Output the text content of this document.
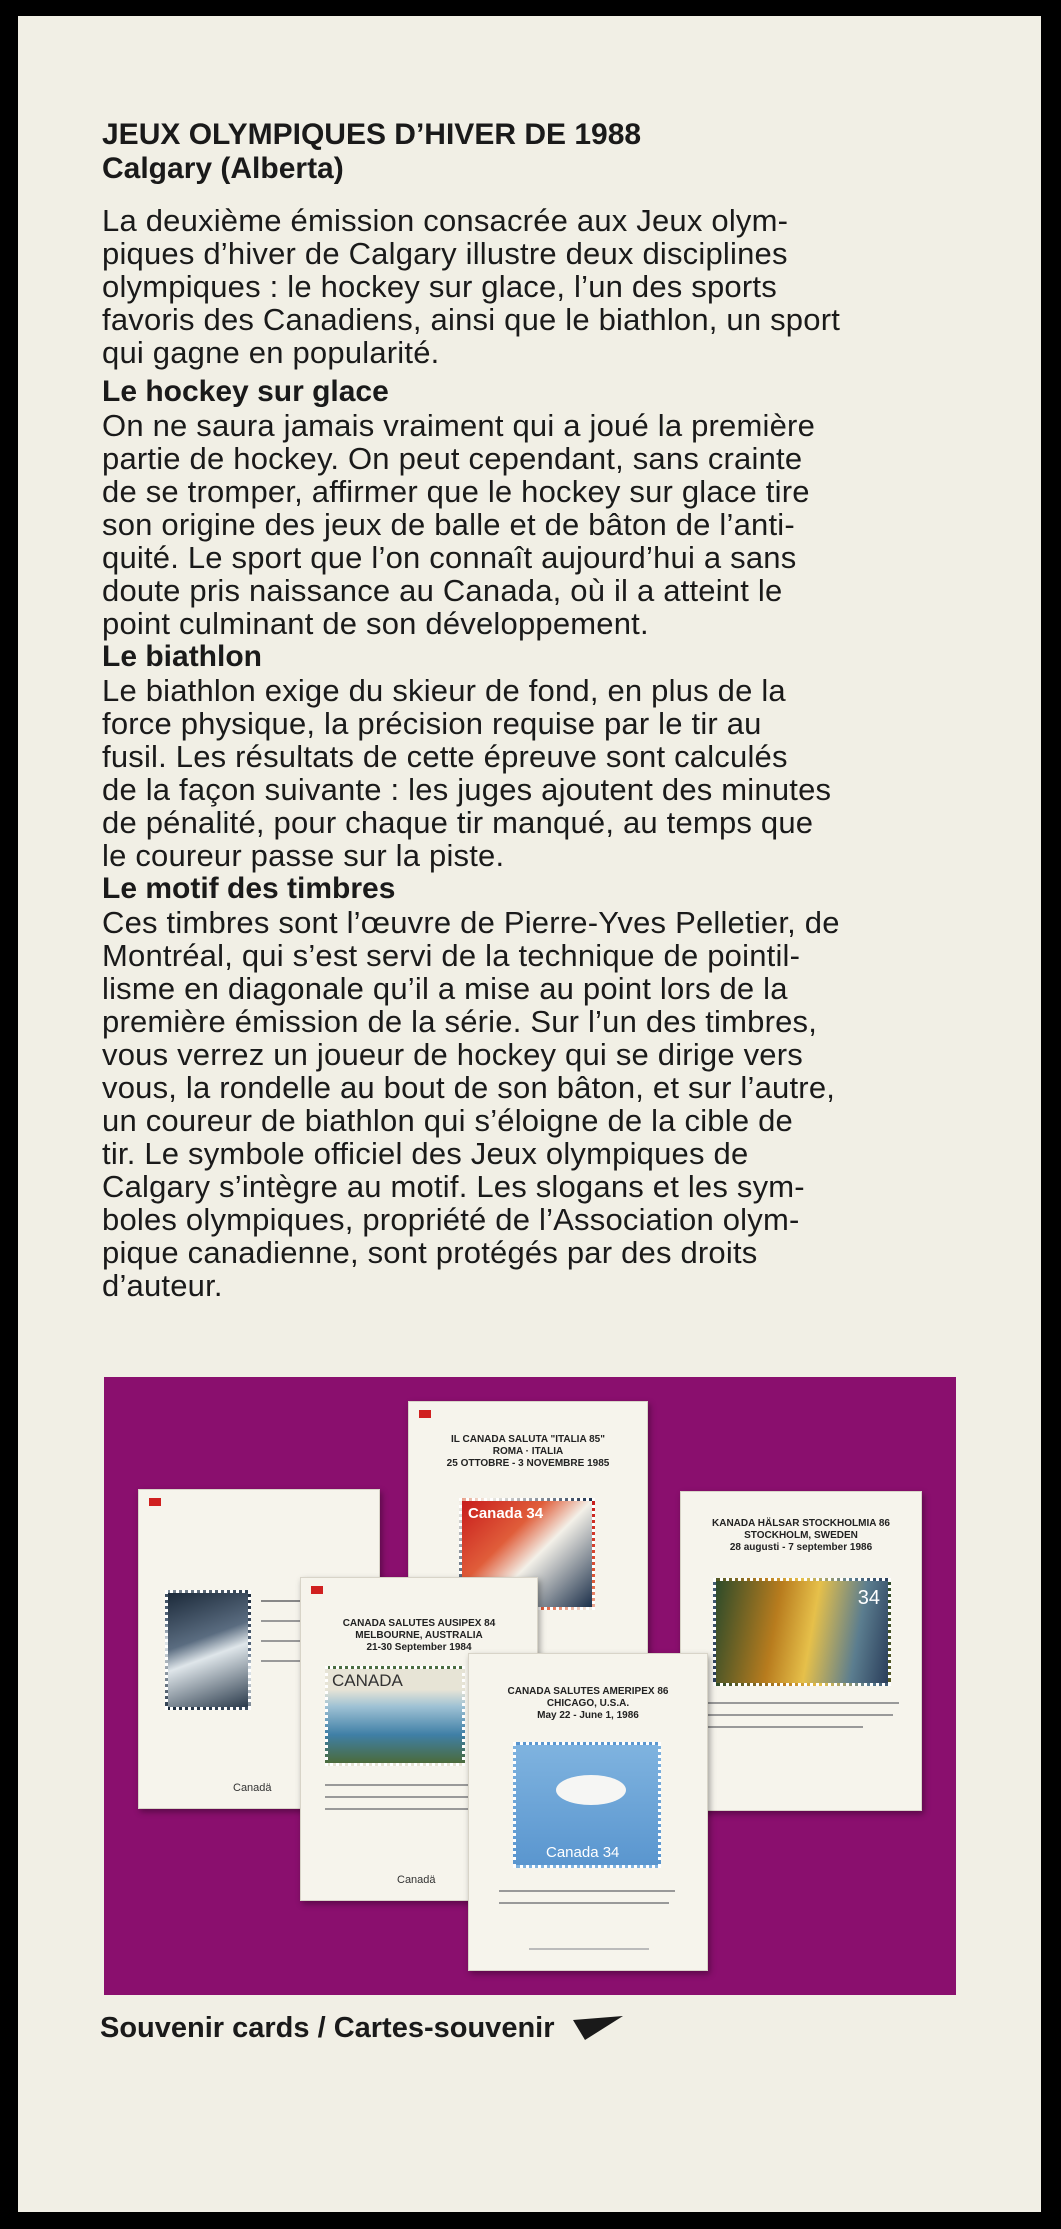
JEUX OLYMPIQUES D’HIVER DE 1988

Calgary (Alberta)

La deuxième émission consacrée aux Jeux olym-
piques d’hiver de Calgary illustre deux disciplines
olympiques : le hockey sur glace, l’un des sports
favoris des Canadiens, ainsi que le biathlon, un sport
qui gagne en popularité.

Le hockey sur glace

On ne saura jamais vraiment qui a joué la première
partie de hockey. On peut cependant, sans crainte
de se tromper, affirmer que le hockey sur glace tire
son origine des jeux de balle et de bâton de l’anti-
quité. Le sport que l’on connaît aujourd’hui a sans
doute pris naissance au Canada, où il a atteint le
point culminant de son développement.

Le biathlon

Le biathlon exige du skieur de fond, en plus de la
force physique, la précision requise par le tir au
fusil. Les résultats de cette épreuve sont calculés
de la façon suivante : les juges ajoutent des minutes
de pénalité, pour chaque tir manqué, au temps que
le coureur passe sur la piste.

Le motif des timbres

Ces timbres sont l’œuvre de Pierre-Yves Pelletier, de
Montréal, qui s’est servi de la technique de pointil-
lisme en diagonale qu’il a mise au point lors de la
première émission de la série. Sur l’un des timbres,
vous verrez un joueur de hockey qui se dirige vers
vous, la rondelle au bout de son bâton, et sur l’autre,
un coureur de biathlon qui s’éloigne de la cible de
tir. Le symbole officiel des Jeux olympiques de
Calgary s’intègre au motif. Les slogans et les sym-
boles olympiques, propriété de l’Association olym-
pique canadienne, sont protégés par des droits
d’auteur.

Canadä
IL CANADA SALUTA "ITALIA 85"
ROMA · ITALIA
25 OTTOBRE - 3 NOVEMBRE 1985
Canada 34
KANADA HÄLSAR STOCKHOLMIA 86
STOCKHOLM, SWEDEN
28 augusti - 7 september 1986
34
CANADA SALUTES AUSIPEX 84
MELBOURNE, AUSTRALIA
21-30 September 1984
CANADA
Canadä
CANADA SALUTES AMERIPEX 86
CHICAGO, U.S.A.
May 22 - June 1, 1986
Canada 34
Souvenir cards / Cartes-souvenir
